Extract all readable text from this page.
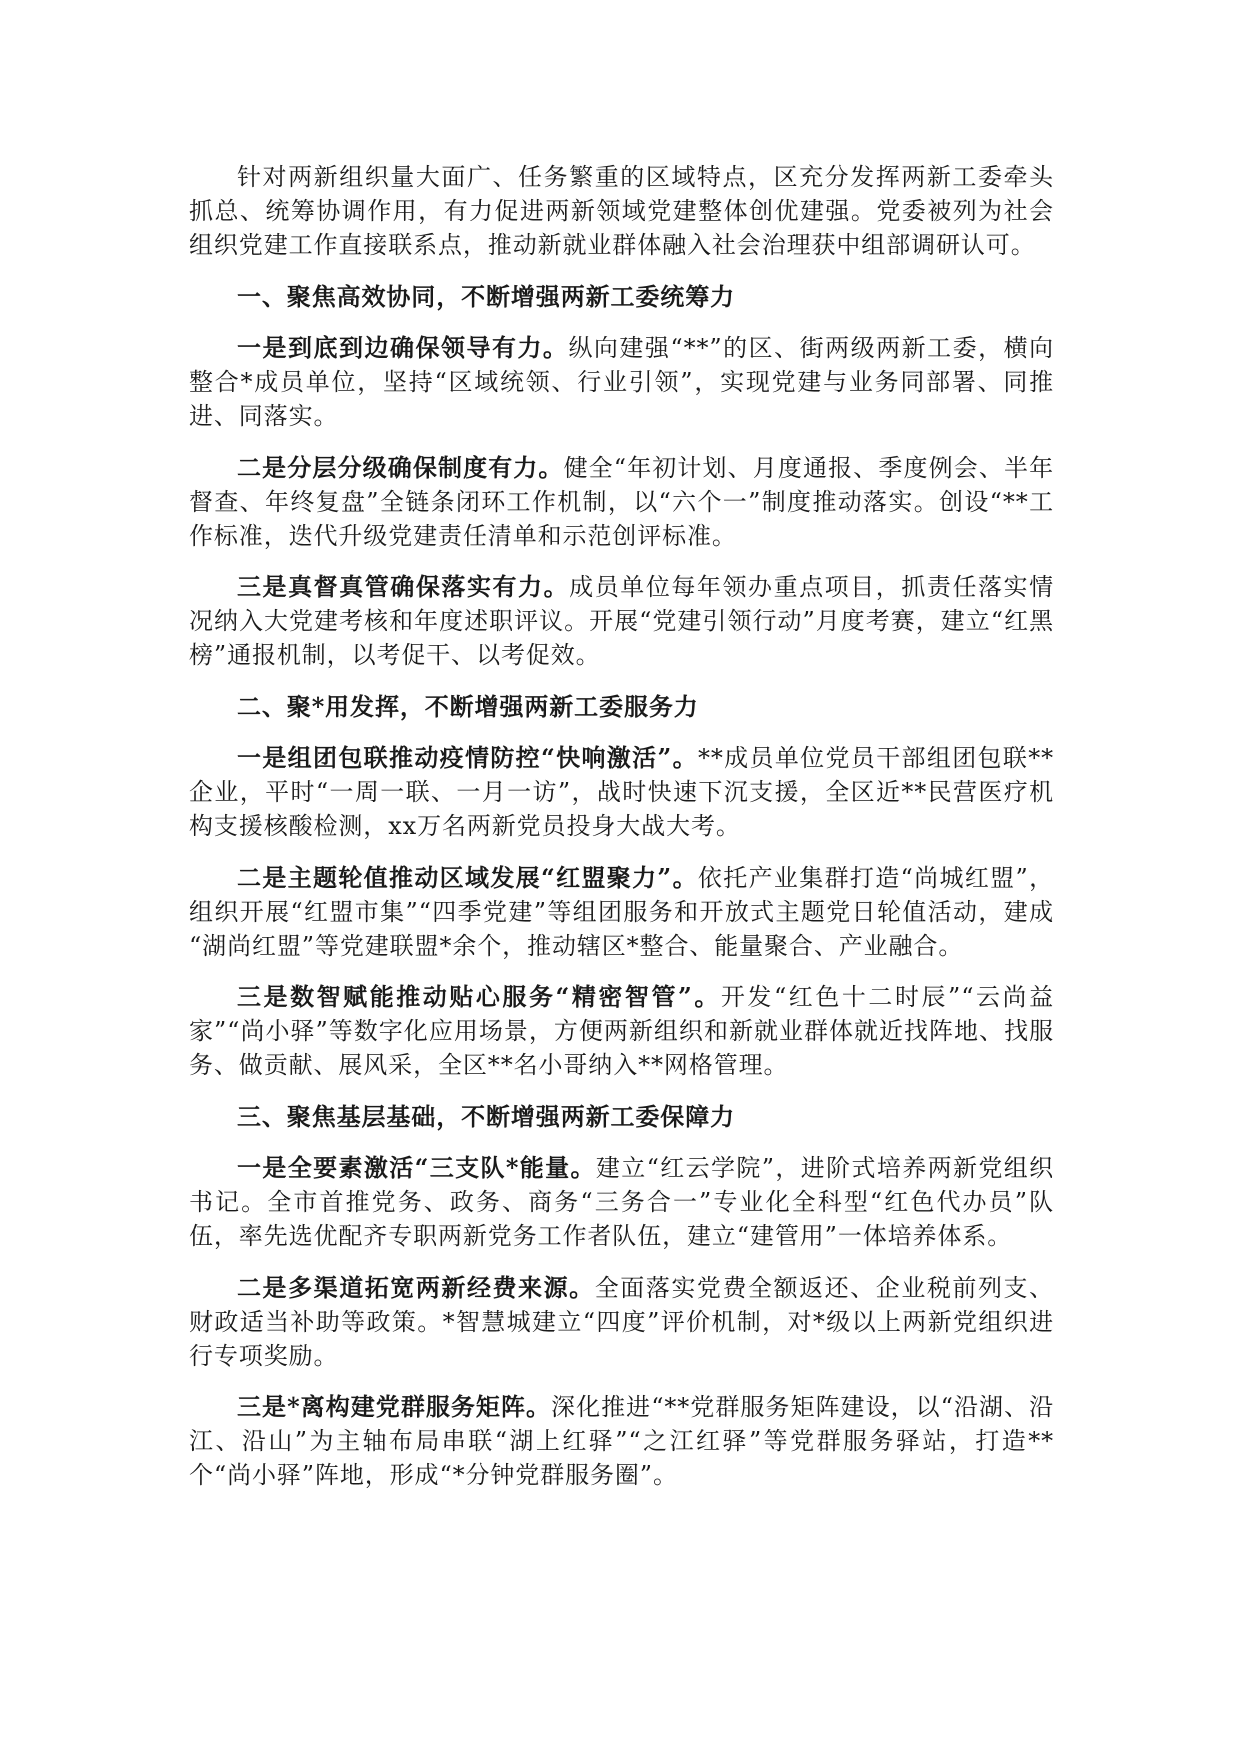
针对两新组织量大面广、任务繁重的区域特点，区充分发挥两新工委牵头抓总、统筹协调作用，有力促进两新领域党建整体创优建强。党委被列为社会组织党建工作直接联系点，推动新就业群体融入社会治理获中组部调研认可。

一、聚焦高效协同，不断增强两新工委统筹力

一是到底到边确保领导有力。纵向建强“**”的区、街两级两新工委，横向整合*成员单位，坚持“区域统领、行业引领”，实现党建与业务同部署、同推进、同落实。

二是分层分级确保制度有力。健全“年初计划、月度通报、季度例会、半年督查、年终复盘”全链条闭环工作机制，以“六个一”制度推动落实。创设“**工作标准，迭代升级党建责任清单和示范创评标准。

三是真督真管确保落实有力。成员单位每年领办重点项目，抓责任落实情况纳入大党建考核和年度述职评议。开展“党建引领行动”月度考赛，建立“红黑榜”通报机制，以考促干、以考促效。

二、聚*用发挥，不断增强两新工委服务力

一是组团包联推动疫情防控“快响激活”。**成员单位党员干部组团包联**企业，平时“一周一联、一月一访”，战时快速下沉支援，全区近**民营医疗机构支援核酸检测，xx万名两新党员投身大战大考。

二是主题轮值推动区域发展“红盟聚力”。依托产业集群打造“尚城红盟”，组织开展“红盟市集”“四季党建”等组团服务和开放式主题党日轮值活动，建成 “湖尚红盟”等党建联盟*余个，推动辖区*整合、能量聚合、产业融合。

三是数智赋能推动贴心服务“精密智管”。开发“红色十二时辰”“云尚益家”“尚小驿”等数字化应用场景，方便两新组织和新就业群体就近找阵地、找服务、做贡献、展风采，全区**名小哥纳入**网格管理。

三、聚焦基层基础，不断增强两新工委保障力

一是全要素激活“三支队*能量。建立“红云学院”，进阶式培养两新党组织书记。全市首推党务、政务、商务“三务合一”专业化全科型“红色代办员”队伍，率先选优配齐专职两新党务工作者队伍，建立“建管用”一体培养体系。

二是多渠道拓宽两新经费来源。全面落实党费全额返还、企业税前列支、财政适当补助等政策。*智慧城建立“四度”评价机制，对*级以上两新党组织进行专项奖励。

三是*离构建党群服务矩阵。深化推进“**党群服务矩阵建设，以“沿湖、沿江、沿山”为主轴布局串联“湖上红驿”“之江红驿”等党群服务驿站，打造**个“尚小驿”阵地，形成“*分钟党群服务圈”。
